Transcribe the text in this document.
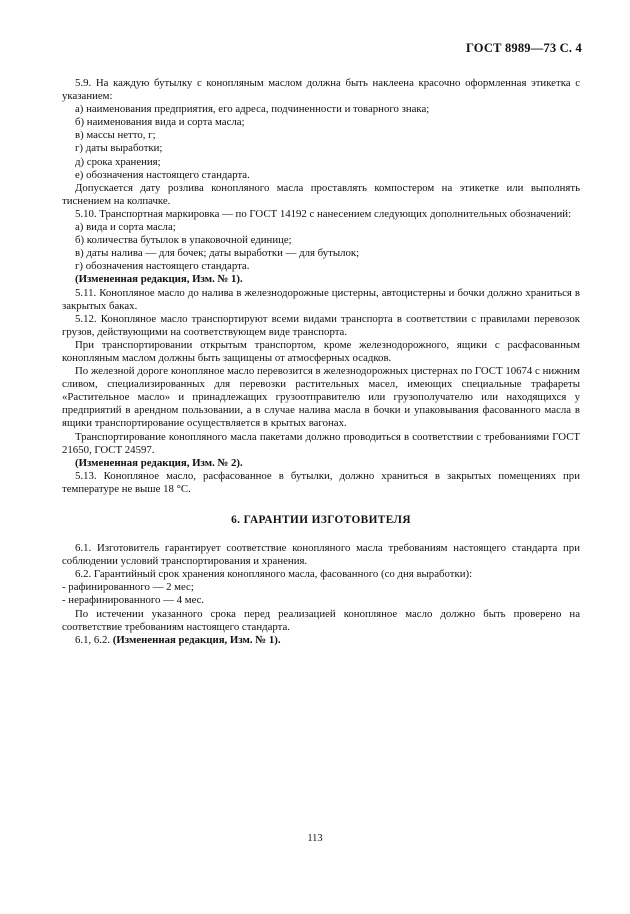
ГОСТ 8989—73 С. 4

5.9. На каждую бутылку с конопляным маслом должна быть наклеена красочно оформленная этикетка с указанием:

а) наименования предприятия, его адреса, подчиненности и товарного знака;

б) наименования вида и сорта масла;

в) массы нетто, г;

г) даты выработки;

д) срока хранения;

е) обозначения настоящего стандарта.

Допускается дату розлива конопляного масла проставлять компостером на этикетке или выполнять тиснением на колпачке.

5.10. Транспортная маркировка — по ГОСТ 14192 с нанесением следующих дополнительных обозначений:

а) вида и сорта масла;

б) количества бутылок в упаковочной единице;

в) даты налива — для бочек; даты выработки — для бутылок;

г) обозначения настоящего стандарта.

(Измененная редакция, Изм. № 1).

5.11. Конопляное масло до налива в железнодорожные цистерны, автоцистерны и бочки должно храниться в закрытых баках.

5.12. Конопляное масло транспортируют всеми видами транспорта в соответствии с правилами перевозок грузов, действующими на соответствующем виде транспорта.

При транспортировании открытым транспортом, кроме железнодорожного, ящики с расфасованным конопляным маслом должны быть защищены от атмосферных осадков.

По железной дороге конопляное масло перевозится в железнодорожных цистернах по ГОСТ 10674 с нижним сливом, специализированных для перевозки растительных масел, имеющих специальные трафареты «Растительное масло» и принадлежащих грузоотправителю или грузополучателю или находящихся у предприятий в арендном пользовании, а в случае налива масла в бочки и упаковывания фасованного масла в ящики транспортирование осуществляется в крытых вагонах.

Транспортирование конопляного масла пакетами должно проводиться в соответствии с требованиями ГОСТ 21650, ГОСТ 24597.

(Измененная редакция, Изм. № 2).

5.13. Конопляное масло, расфасованное в бутылки, должно храниться в закрытых помещениях при температуре не выше 18 °С.

6. ГАРАНТИИ ИЗГОТОВИТЕЛЯ

6.1. Изготовитель гарантирует соответствие конопляного масла требованиям настоящего стандарта при соблюдении условий транспортирования и хранения.

6.2. Гарантийный срок хранения конопляного масла, фасованного (со дня выработки):

- рафинированного — 2 мес;

- нерафинированного — 4 мес.

По истечении указанного срока перед реализацией конопляное масло должно быть проверено на соответствие требованиям настоящего стандарта.

6.1, 6.2. (Измененная редакция, Изм. № 1).

113
